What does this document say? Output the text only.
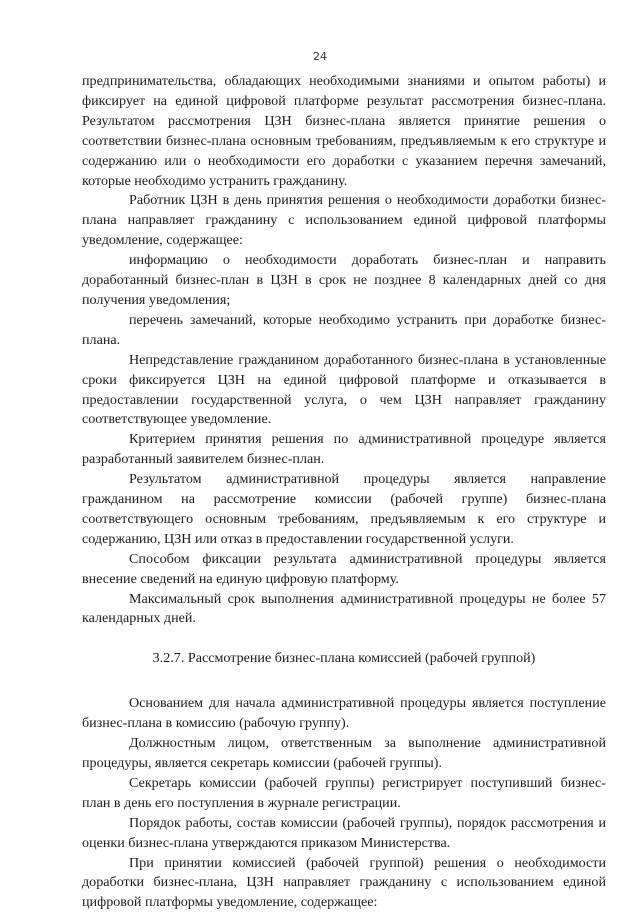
24

предпринимательства, обладающих необходимыми знаниями и опытом работы) и фиксирует на единой цифровой платформе результат рассмотрения бизнес-плана. Результатом рассмотрения ЦЗН бизнес-плана является принятие решения о соответствии бизнес-плана основным требованиям, предъявляемым к его структуре и содержанию или о необходимости его доработки с указанием перечня замечаний, которые необходимо устранить гражданину.

Работник ЦЗН в день принятия решения о необходимости доработки бизнес-плана направляет гражданину с использованием единой цифровой платформы уведомление, содержащее:

информацию о необходимости доработать бизнес-план и направить доработанный бизнес-план в ЦЗН в срок не позднее 8 календарных дней со дня получения уведомления;

перечень замечаний, которые необходимо устранить при доработке бизнес- плана.

Непредставление гражданином доработанного бизнес-плана в установленные сроки фиксируется ЦЗН на единой цифровой платформе и отказывается в предоставлении государственной услуга, о чем ЦЗН направляет гражданину соответствующее уведомление.

Критерием принятия решения по административной процедуре является разработанный заявителем бизнес-план.

Результатом административной процедуры является направление гражданином на рассмотрение комиссии (рабочей группе) бизнес-плана соответствующего основным требованиям, предъявляемым к его структуре и содержанию, ЦЗН или отказ в предоставлении государственной услуги.

Способом фиксации результата административной процедуры является внесение сведений на единую цифровую платформу.

Максимальный срок выполнения административной процедуры не более 57 календарных дней.

3.2.7. Рассмотрение бизнес-плана комиссией (рабочей группой)

Основанием для начала административной процедуры является поступление бизнес-плана в комиссию (рабочую группу).

Должностным лицом, ответственным за выполнение административной процедуры, является секретарь комиссии (рабочей группы).

Секретарь комиссии (рабочей группы) регистрирует поступивший бизнес-план в день его поступления в журнале регистрации.

Порядок работы, состав комиссии (рабочей группы), порядок рассмотрения и оценки бизнес-плана утверждаются приказом Министерства.

При принятии комиссией (рабочей группой) решения о необходимости доработки бизнес-плана, ЦЗН направляет гражданину с использованием единой цифровой платформы уведомление, содержащее:
